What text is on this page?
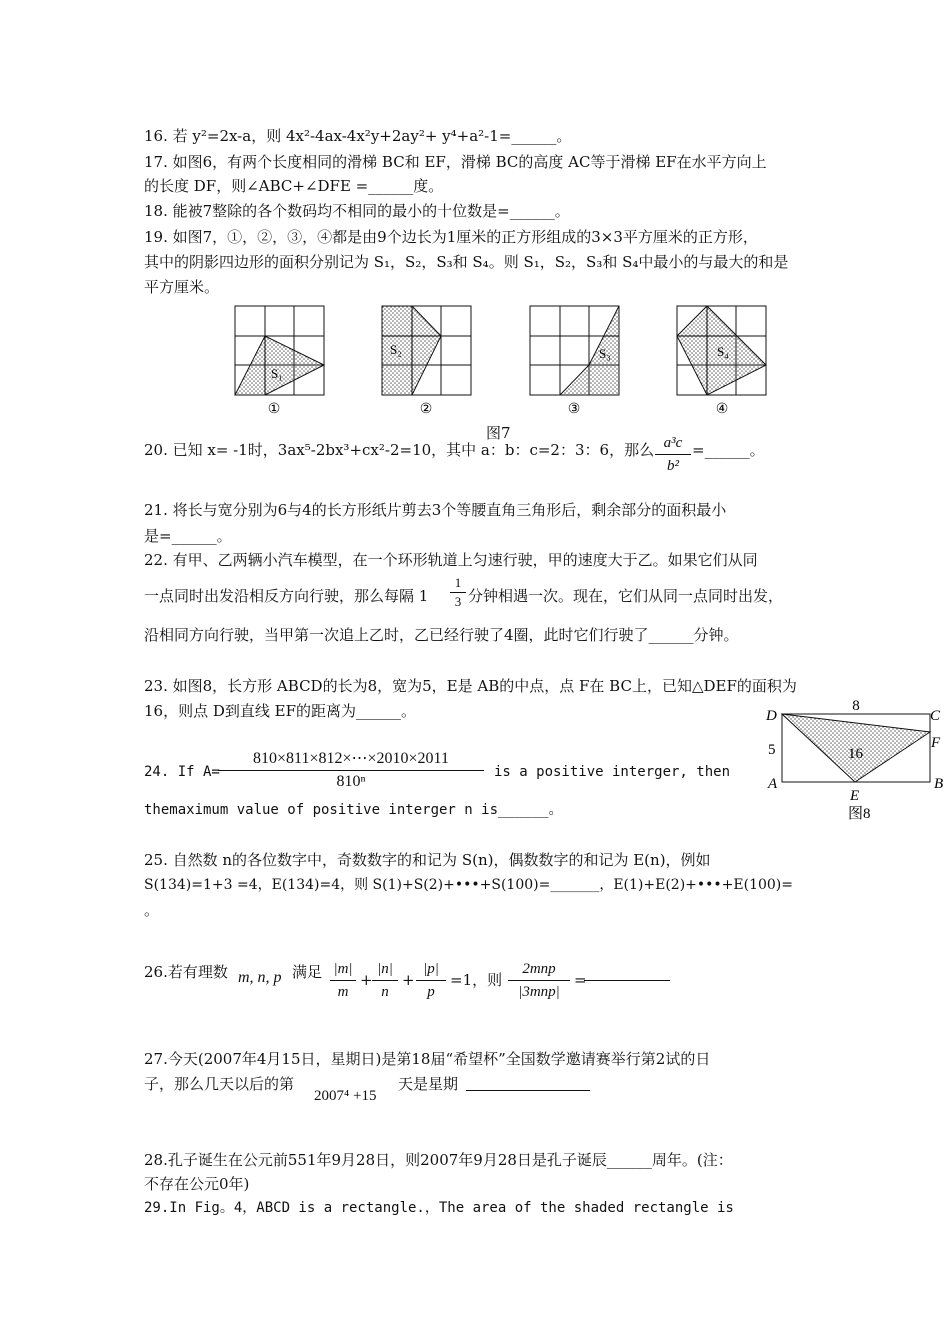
16. 若 y²=2x-a，则 4x²-4ax-4x²y+2ay²+ y⁴+a²-1=______。
17. 如图6，有两个长度相同的滑梯 BC和 EF，滑梯 BC的高度 AC等于滑梯 EF在水平方向上
的长度 DF，则∠ABC+∠DFE =______度。
18. 能被7整除的各个数码均不相同的最小的十位数是=______。
19. 如图7，①，②，③，④都是由9个边长为1厘米的正方形组成的3×3平方厘米的正方形，
其中的阴影四边形的面积分别记为 S₁，S₂，S₃和 S₄。则 S₁，S₂，S₃和 S₄中最小的与最大的和是
平方厘米。
S₁
S₂	S₃	S₄
①	②	③	④
图7
20. 已知 x= -1时，3ax⁵-2bx³+cx²-2=10，其中 a：b：c=2：3：6，那么 a³c
b²
=______。
21. 将长与宽分别为6与4的长方形纸片剪去3个等腰直角三角形后，剩余部分的面积最小
是=______。
22. 有甲、乙两辆小汽车模型，在一个环形轨道上匀速行驶，甲的速度大于乙。如果它们从同
一点同时出发沿相反方向行驶，那么每隔 1
1
3 分钟相遇一次。现在，它们从同一点同时出发，
沿相同方向行驶，当甲第一次追上乙时，乙已经行驶了4圈，此时它们行驶了______分钟。
23. 如图8，长方形 ABCD的长为8，宽为5，E是 AB的中点，点 F在 BC上，已知△DEF的面积为
16，则点 D到直线 EF的距离为______。	8
5	16
D	C
F
A	B
E
图8
24. If A=
810×811×812×⋯×2010×2011
810ⁿ
is a positive interger, then
themaximum value of positive interger n is______。
25. 自然数 n的各位数字中，奇数数字的和记为 S(n)，偶数数字的和记为 E(n)，例如
S(134)=1+3 =4，E(134)=4，则 S(1)+S(2)+•••+S(100)=_______，E(1)+E(2)+•••+E(100)=
。
26.若有理数 m, n, p 满足 |m|
m
+
|n|
n
+
|p|
p
=1，则
2mnp
|3mnp|
=
27.今天(2007年4月15日，星期日)是第18届“希望杯”全国数学邀请赛举行第2试的日
子，那么几天以后的第
2007⁴ +15
天是星期
28.孔子诞生在公元前551年9月28日，则2007年9月28日是孔子诞辰______周年。(注：
不存在公元0年)
29.In Fig。4，ABCD is a rectangle.，The area of the shaded rectangle is
